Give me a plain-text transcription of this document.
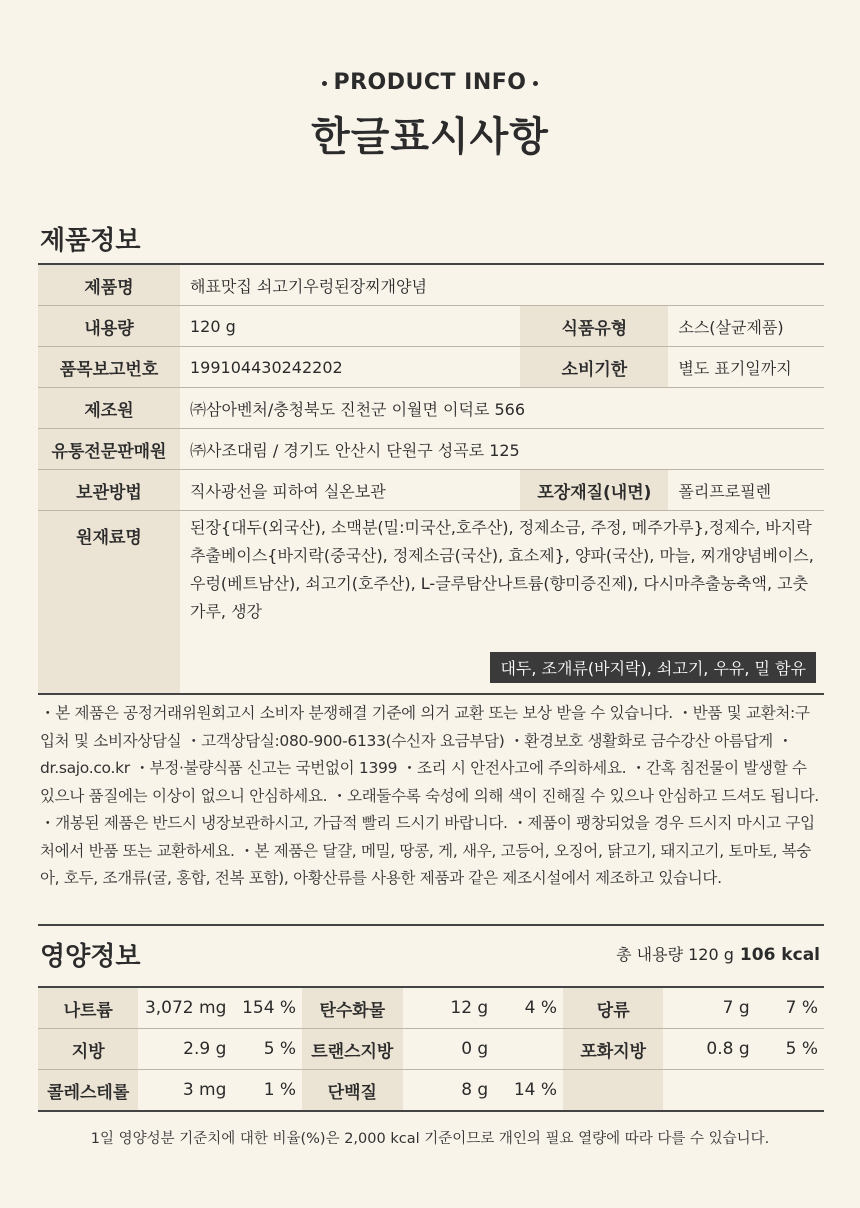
PRODUCT INFO
한글표시사항
제품정보
제품명	해표맛집 쇠고기우렁된장찌개양념		
내용량	120 g	식품유형	소스(살균제품)
품목보고번호	199104430242202	소비기한	별도 표기일까지
제조원	㈜삼아벤처/충청북도 진천군 이월면 이덕로 566		
유통전문판매원	㈜사조대림 / 경기도 안산시 단원구 성곡로 125		
보관방법	직사광선을 피하여 실온보관	포장재질(내면)	폴리프로필렌
원재료명	된장{대두(외국산), 소맥분(밀:미국산,호주산), 정제소금, 주정, 메주가루},정제수, 바지락추출베이스{바지락(중국산), 정제소금(국산), 효소제}, 양파(국산), 마늘, 찌개양념베이스, 우렁(베트남산), 쇠고기(호주산), L-글루탐산나트륨(향미증진제), 다시마추출농축액, 고춧가루, 생강
대두, 조개류(바지락), 쇠고기, 우유, 밀 함유		
・본 제품은 공정거래위원회고시 소비자 분쟁해결 기준에 의거 교환 또는 보상 받을 수 있습니다. ・반품 및 교환처:구입처 및 소비자상담실 ・고객상담실:080-900-6133(수신자 요금부담) ・환경보호 생활화로 금수강산 아름답게 ・dr.sajo.co.kr ・부정·불량식품 신고는 국번없이 1399 ・조리 시 안전사고에 주의하세요. ・간혹 침전물이 발생할 수 있으나 품질에는 이상이 없으니 안심하세요. ・오래둘수록 숙성에 의해 색이 진해질 수 있으나 안심하고 드셔도 됩니다. ・개봉된 제품은 반드시 냉장보관하시고, 가급적 빨리 드시기 바랍니다. ・제품이 팽창되었을 경우 드시지 마시고 구입처에서 반품 또는 교환하세요. ・본 제품은 달걀, 메밀, 땅콩, 게, 새우, 고등어, 오징어, 닭고기, 돼지고기, 토마토, 복숭아, 호두, 조개류(굴, 홍합, 전복 포함), 아황산류를 사용한 제품과 같은 제조시설에서 제조하고 있습니다.
영양정보	총 내용량 120 g 106 kcal
나트륨	3,072 mg	154 %	탄수화물	12 g	4 %	당류	7 g	7 %
지방	2.9 g	5 %	트랜스지방	0 g		포화지방	0.8 g	5 %
콜레스테롤	3 mg	1 %	단백질	8 g	14 %			
1일 영양성분 기준치에 대한 비율(%)은 2,000 kcal 기준이므로 개인의 필요 열량에 따라 다를 수 있습니다.
